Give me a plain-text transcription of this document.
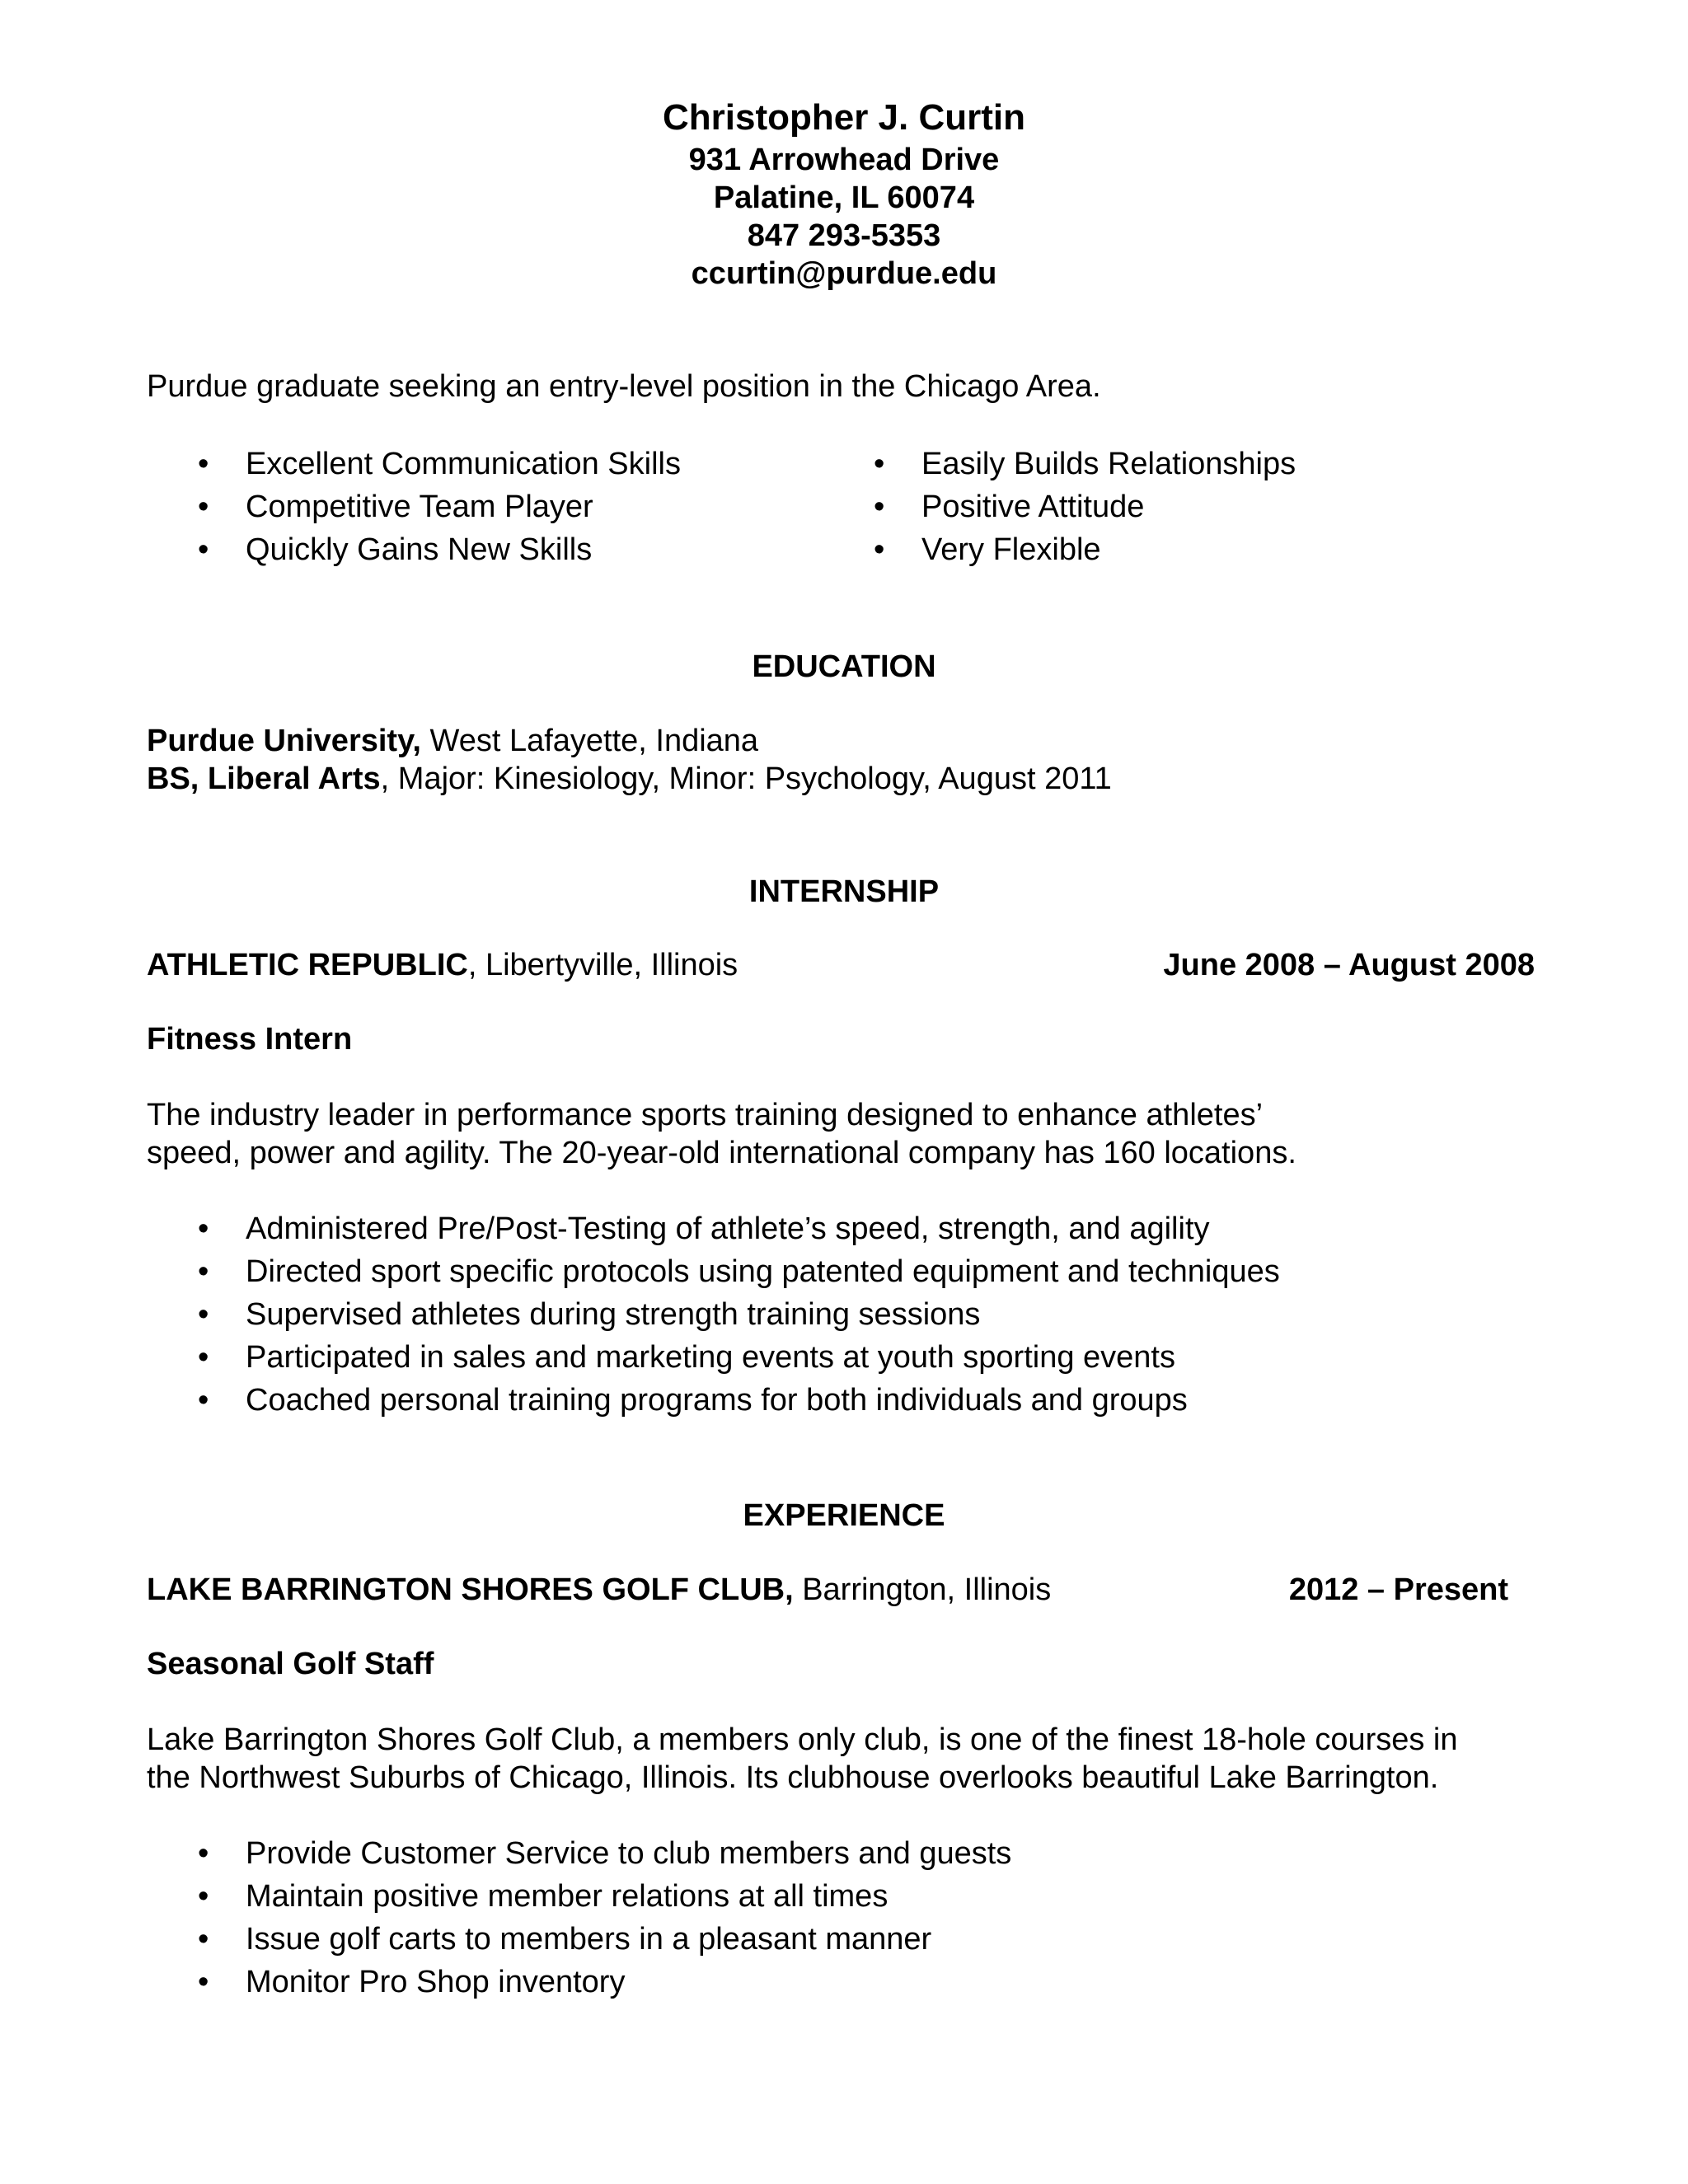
Christopher J. Curtin
931 Arrowhead Drive
Palatine, IL 60074
847 293-5353
ccurtin@purdue.edu
Purdue graduate seeking an entry-level position in the Chicago Area.
• Excellent Communication Skills
• Competitive Team Player
• Quickly Gains New Skills
• Easily Builds Relationships
• Positive Attitude
• Very Flexible
EDUCATION
Purdue University, West Lafayette, Indiana
BS, Liberal Arts, Major: Kinesiology, Minor: Psychology, August 2011
INTERNSHIP
ATHLETIC REPUBLIC, Libertyville, Illinois	June 2008 – August 2008
Fitness Intern
The industry leader in performance sports training designed to enhance athletes’
speed, power and agility. The 20-year-old international company has 160 locations.
• Administered Pre/Post-Testing of athlete’s speed, strength, and agility
• Directed sport specific protocols using patented equipment and techniques
• Supervised athletes during strength training sessions
• Participated in sales and marketing events at youth sporting events
• Coached personal training programs for both individuals and groups
EXPERIENCE
LAKE BARRINGTON SHORES GOLF CLUB, Barrington, Illinois	2012 – Present
Seasonal Golf Staff
Lake Barrington Shores Golf Club, a members only club, is one of the finest 18-hole courses in
the Northwest Suburbs of Chicago, Illinois. Its clubhouse overlooks beautiful Lake Barrington.
• Provide Customer Service to club members and guests
• Maintain positive member relations at all times
• Issue golf carts to members in a pleasant manner
• Monitor Pro Shop inventory
